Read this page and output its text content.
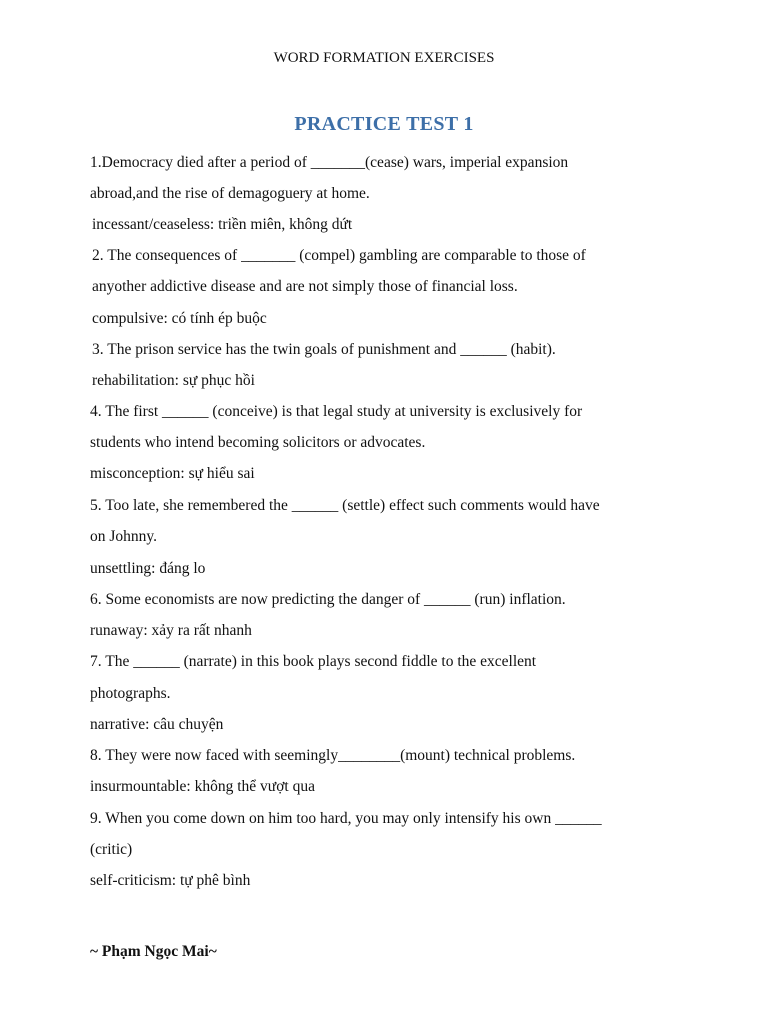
WORD FORMATION EXERCISES
PRACTICE TEST 1
1.Democracy died after a period of _______(cease) wars, imperial expansion
abroad,and the rise of demagoguery at home.
incessant/ceaseless: triền miên, không dứt
2. The consequences of _______ (compel) gambling are comparable to those of
anyother addictive disease and are not simply those of financial loss.
compulsive: có tính ép buộc
3. The prison service has the twin goals of punishment and ______ (habit).
rehabilitation: sự phục hồi
4. The first ______ (conceive) is that legal study at university is exclusively for
students who intend becoming solicitors or advocates.
misconception: sự hiểu sai
5. Too late, she remembered the ______ (settle) effect such comments would have
on Johnny.
unsettling: đáng lo
6. Some economists are now predicting the danger of ______ (run) inflation.
runaway: xảy ra rất nhanh
7. The ______ (narrate) in this book plays second fiddle to the excellent
photographs.
narrative: câu chuyện
8. They were now faced with seemingly________(mount) technical problems.
insurmountable: không thể vượt qua
9. When you come down on him too hard, you may only intensify his own ______
(critic)
self-criticism: tự phê bình
~ Phạm Ngọc Mai~
